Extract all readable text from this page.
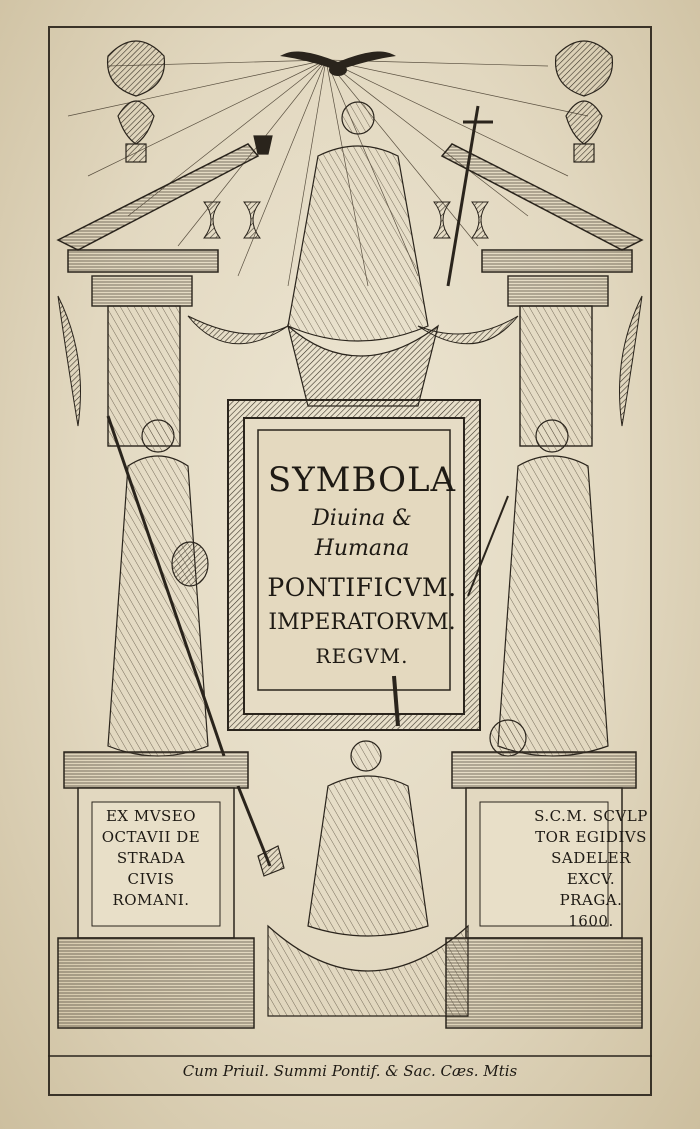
SYMBOLA
Diuina & Humana
PONTIFICVM.
IMPERATORVM.
REGVM.
EX MVSEO
OCTAVII DE
STRADA CIVIS
ROMANI.
S.C.M. SCVLP
TOR EGIDIVS
SADELER EXCV.
PRAGA.
1600.
Cum Priuil. Summi Pontif. & Sac. Cæs. Mtis
